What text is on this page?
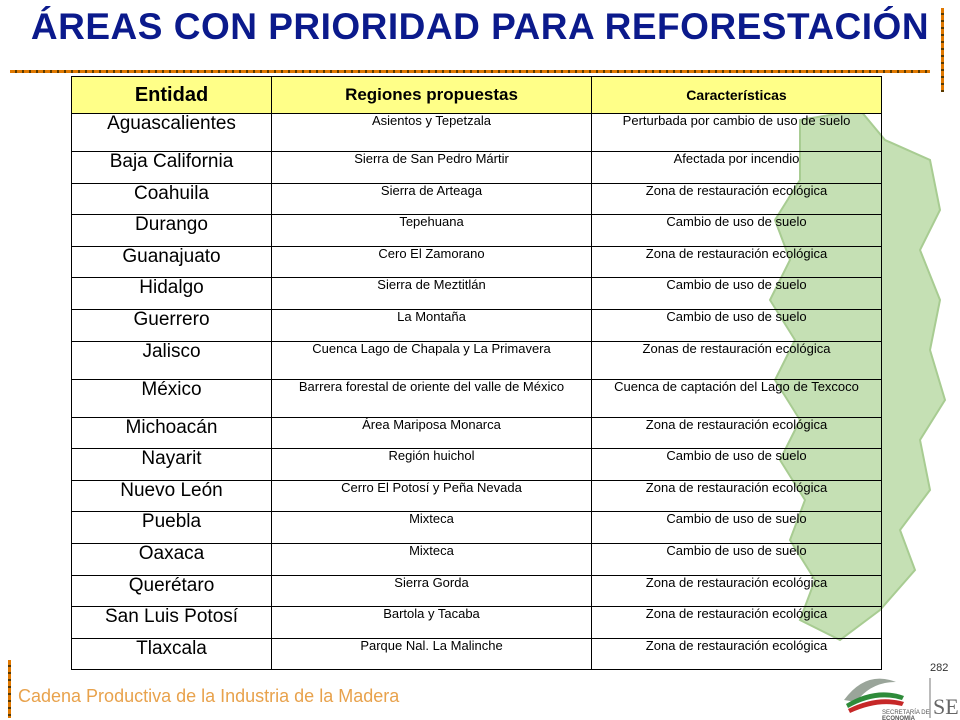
ÁREAS CON PRIORIDAD PARA REFORESTACIÓN
Entidad	Regiones propuestas	Características
Aguascalientes	Asientos y Tepetzala	Perturbada por cambio de uso de suelo
Baja California	Sierra de San Pedro Mártir	Afectada por incendio
Coahuila	Sierra de Arteaga	Zona de restauración ecológica
Durango	Tepehuana	Cambio de uso de suelo
Guanajuato	Cero El Zamorano	Zona de restauración ecológica
Hidalgo	Sierra de Meztitlán	Cambio de uso de suelo
Guerrero	La Montaña	Cambio de uso de suelo
Jalisco	Cuenca Lago de Chapala y La Primavera	Zonas de restauración ecológica
México	Barrera forestal de oriente del valle de México	Cuenca de captación del Lago de Texcoco
Michoacán	Área Mariposa Monarca	Zona de restauración ecológica
Nayarit	Región huichol	Cambio de uso de suelo
Nuevo León	Cerro El Potosí y Peña Nevada	Zona de restauración ecológica
Puebla	Mixteca	Cambio de uso de suelo
Oaxaca	Mixteca	Cambio de uso de suelo
Querétaro	Sierra Gorda	Zona de restauración ecológica
San Luis Potosí	Bartola y Tacaba	Zona de restauración ecológica
Tlaxcala	Parque Nal. La Malinche	Zona de restauración ecológica
282
Cadena Productiva de la Industria de la Madera
SECRETARÍA DE
ECONOMÍA SE
